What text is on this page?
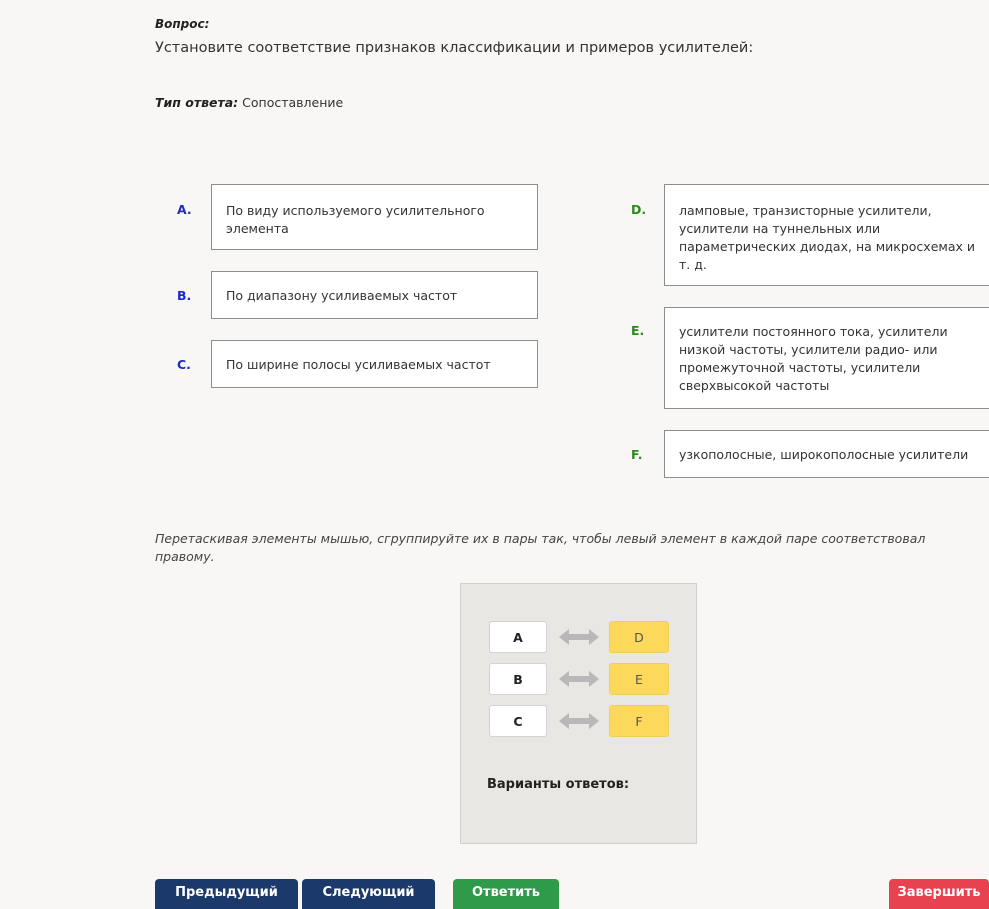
Вопрос:
Установите соответствие признаков классификации и примеров усилителей:
Тип ответа: Сопоставление
A.	По виду используемого усилительного элемента
B.	По диапазону усиливаемых частот
C.	По ширине полосы усиливаемых частот
D.	ламповые, транзисторные усилители, усилители на туннельных или параметрических диодах, на микросхемах и т. д.
E.	усилители постоянного тока, усилители низкой частоты, усилители радио- или промежуточной частоты, усилители сверхвысокой частоты
F.	узкополосные, широкополосные усилители
Перетаскивая элементы мышью, сгруппируйте их в пары так, чтобы левый элемент в каждой паре соответствовал правому.
A	D
B	E
C	F
Варианты ответов:
Предыдущий	Следующий	Ответить	Завершить
